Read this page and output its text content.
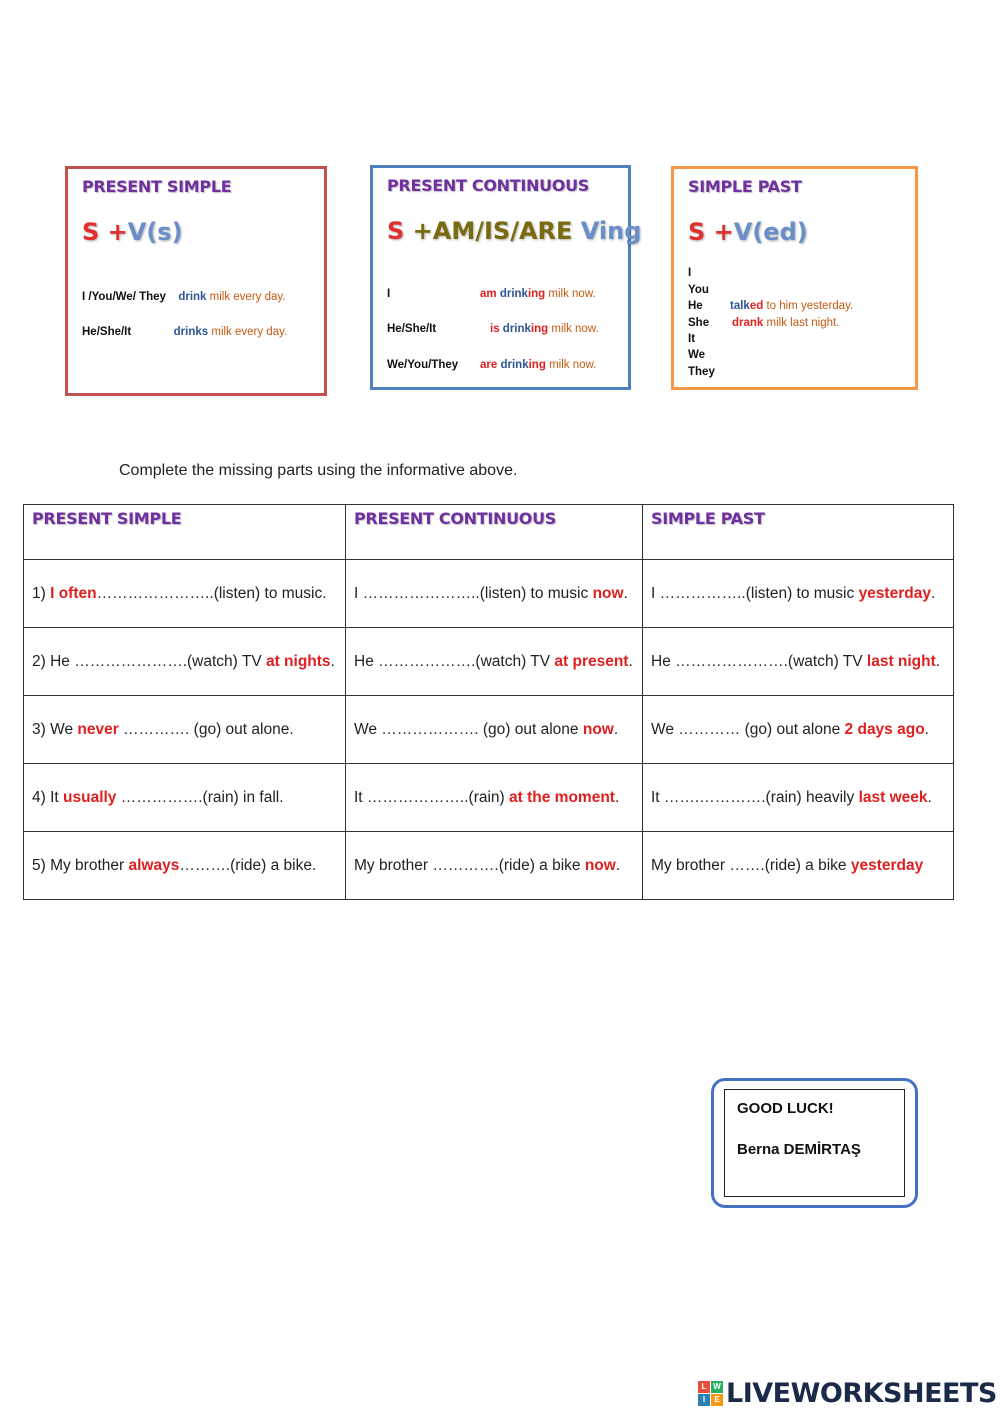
PRESENT SIMPLE
S +V(s)
I /You/We/ They drink milk every day.
He/She/It	drinks milk every day.
PRESENT CONTINUOUS
S +AM/IS/ARE Ving
I	am drinking milk now.
He/She/It	is drinking milk now.
We/You/They are drinking milk now.
SIMPLE PAST
S +V(ed)
I
You
He
She
It
We
They
talked to him yesterday.
drank milk last night.
Complete the missing parts using the informative above.
PRESENT SIMPLE	PRESENT CONTINUOUS	SIMPLE PAST
1) I often…………………..(listen) to music.	I …………………..(listen) to music now.	I ……………..(listen) to music yesterday.
2) He ………………….(watch) TV at nights.	He ……………….(watch) TV at present.	He ………………….(watch) TV last night.
3) We never …………. (go) out alone.	We ………………. (go) out alone now.	We ………… (go) out alone 2 days ago.
4) It usually …………….(rain) in fall.	It ………………..(rain) at the moment.	It …….………….(rain) heavily last week.
5) My brother always……….(ride) a bike.	My brother ………….(ride) a bike now.	My brother …….(ride) a bike yesterday
GOOD LUCK!
Berna DEMİRTAŞ
L W
I	E LIVEWORKSHEETS
